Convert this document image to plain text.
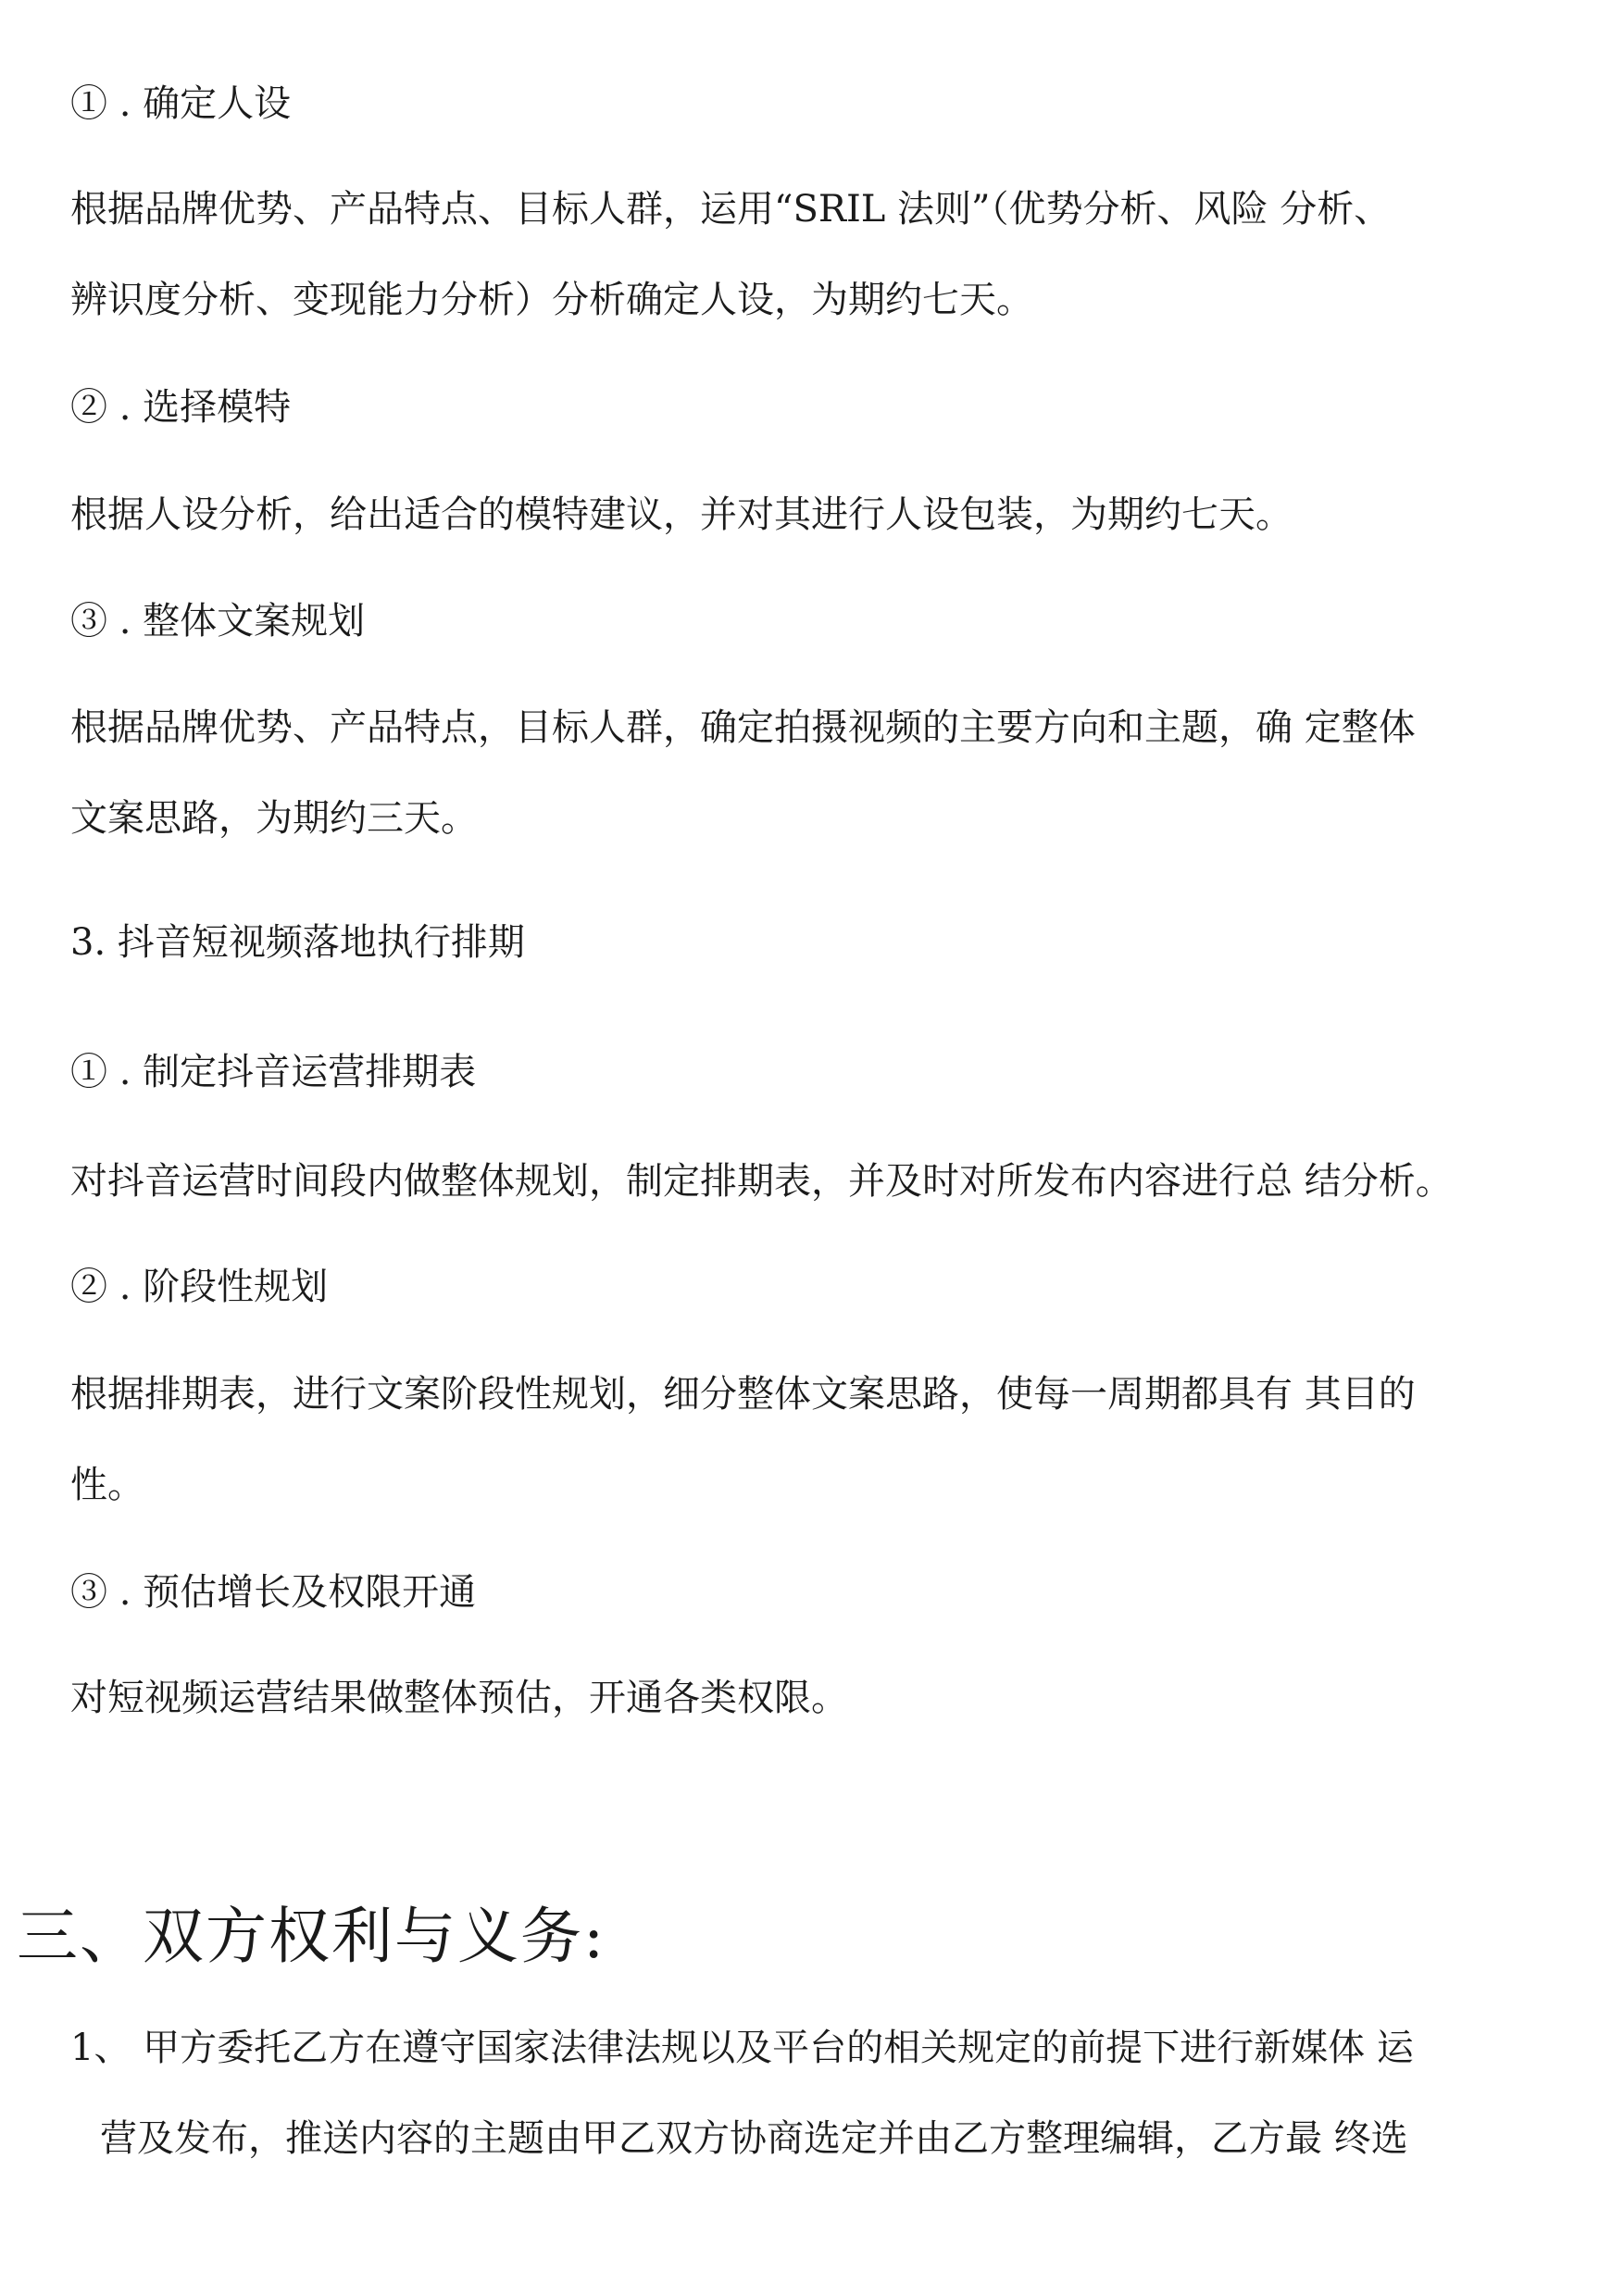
① . 确定人设
根据品牌优势、产品特点、目标人群，运用“SRIL 法则”（优势分析、风险 分析、
辨识度分析、变现能力分析）分析确定人设，为期约七天。
② . 选择模特
根据人设分析，给出适合的模特建议，并对其进行人设包装，为期约七天。
③ . 整体文案规划
根据品牌优势、产品特点，目标人群，确定拍摄视频的主要方向和主题，确 定整体
文案思路，为期约三天。
3. 抖音短视频落地执行排期
① . 制定抖音运营排期表
对抖音运营时间段内做整体规划，制定排期表，并及时对所发布内容进行总 结分析。
② . 阶段性规划
根据排期表，进行文案阶段性规划，细分整体文案思路，使每一周期都具有 其目的
性。
③ . 预估增长及权限开通
对短视频运营结果做整体预估，开通各类权限。
三、双方权利与义务:
1、 甲方委托乙方在遵守国家法律法规以及平台的相关规定的前提下进行新媒体 运
营及发布，推送内容的主题由甲乙双方协商选定并由乙方整理编辑，乙方最 终选
